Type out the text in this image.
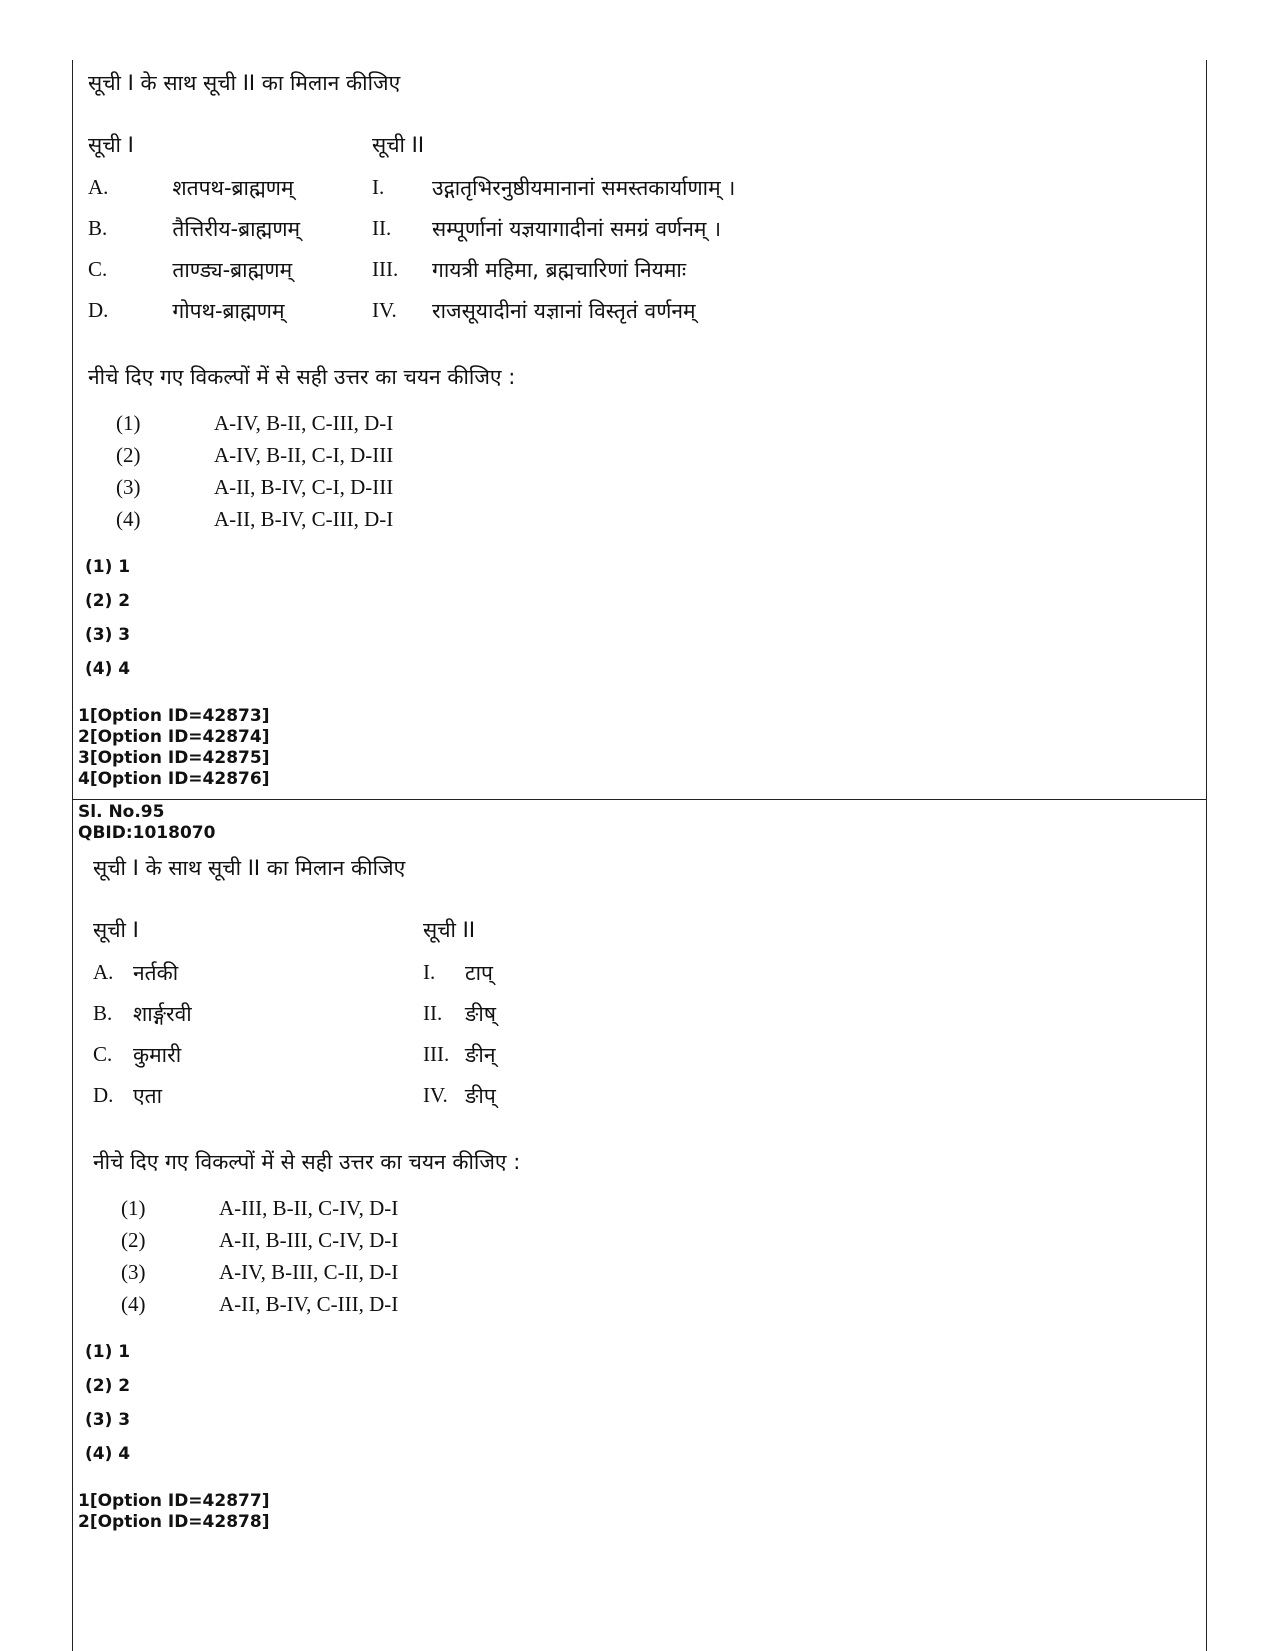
सूची I के साथ सूची II का मिलान कीजिए
सूची I		सूची II	
A.	शतपथ-ब्राह्मणम्	I.	उद्गातृभिरनुष्ठीयमानानां समस्तकार्याणाम् ।
B.	तैत्तिरीय-ब्राह्मणम्	II.	सम्पूर्णानां यज्ञयागादीनां समग्रं वर्णनम् ।
C.	ताण्ड्य-ब्राह्मणम्	III.	गायत्री महिमा, ब्रह्मचारिणां नियमाः
D.	गोपथ-ब्राह्मणम्	IV.	राजसूयादीनां यज्ञानां विस्तृतं वर्णनम्
नीचे दिए गए विकल्पों में से सही उत्तर का चयन कीजिए :
(1)	A-IV, B-II, C-III, D-I
(2)	A-IV, B-II, C-I, D-III
(3)	A-II, B-IV, C-I, D-III
(4)	A-II, B-IV, C-III, D-I
(1) 1
(2) 2
(3) 3
(4) 4
1[Option ID=42873]
2[Option ID=42874]
3[Option ID=42875]
4[Option ID=42876]
Sl. No.95
QBID:1018070
सूची I के साथ सूची II का मिलान कीजिए
सूची I		सूची II	
A.	नर्तकी	I.	टाप्
B.	शार्ङ्गरवी	II.	ङीष्
C.	कुमारी	III.	ङीन्
D.	एता	IV.	ङीप्
नीचे दिए गए विकल्पों में से सही उत्तर का चयन कीजिए :
(1)	A-III, B-II, C-IV, D-I
(2)	A-II, B-III, C-IV, D-I
(3)	A-IV, B-III, C-II, D-I
(4)	A-II, B-IV, C-III, D-I
(1) 1
(2) 2
(3) 3
(4) 4
1[Option ID=42877]
2[Option ID=42878]
